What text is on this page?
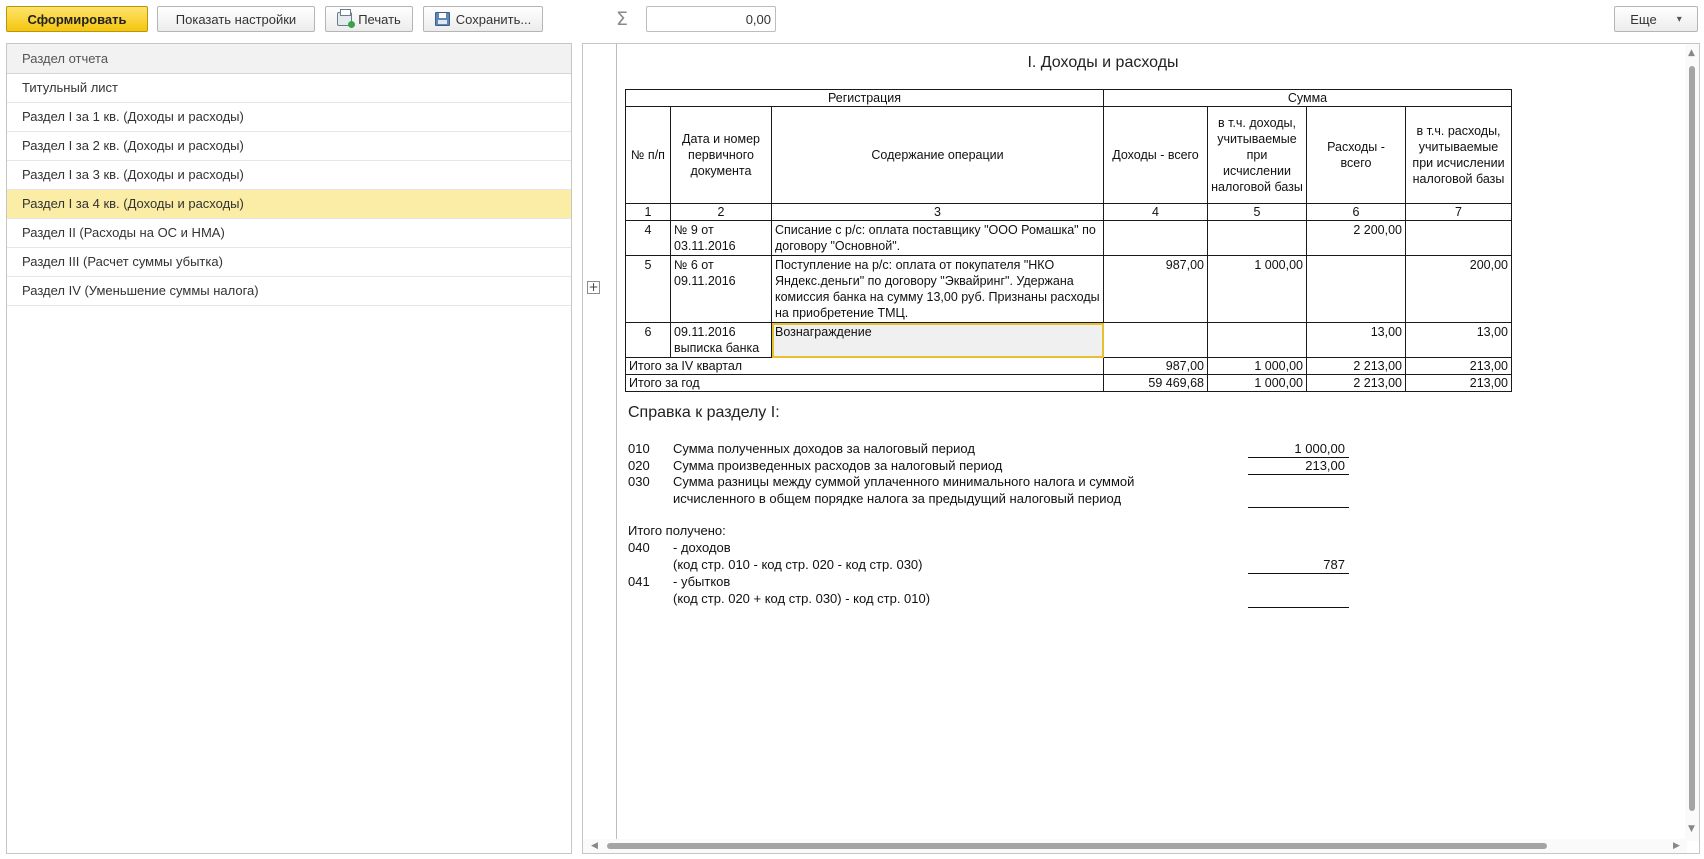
Сформировать	Показать настройки	Печать	Сохранить...	Σ
0,00	Еще ▾
Раздел отчета
Титульный лист
Раздел I за 1 кв. (Доходы и расходы)
Раздел I за 2 кв. (Доходы и расходы)
Раздел I за 3 кв. (Доходы и расходы)
Раздел I за 4 кв. (Доходы и расходы)
Раздел II (Расходы на ОС и НМА)
Раздел III (Расчет суммы убытка)
Раздел IV (Уменьшение суммы налога)	+
I. Доходы и расходы
Регистрация			Сумма			
№ п/п	Дата и номер первичного документа	Содержание операции	Доходы - всего	в т.ч. доходы, учитываемые при исчислении налоговой базы	Расходы - всего	в т.ч. расходы, учитываемые при исчислении налоговой базы
1	2	3	4	5	6	7
4	№ 9 от 03.11.2016	Списание с р/с: оплата поставщику "ООО Ромашка" по договору "Основной".			2 200,00	
5	№ 6 от 09.11.2016	Поступление на р/с: оплата от покупателя "НКО Яндекс.деньги" по договору "Эквайринг". Удержана комиссия банка на сумму 13,00 руб. Признаны расходы на приобретение ТМЦ.	987,00	1 000,00		200,00
6	09.11.2016 выписка банка	Вознаграждение			13,00	13,00
Итого за IV квартал			987,00	1 000,00	2 213,00	213,00
Итого за год			59 469,68	1 000,00	2 213,00	213,00
Справка к разделу I:
010	Сумма полученных доходов за налоговый период	1 000,00
020	Сумма произведенных расходов за налоговый период	213,00
030	Сумма разницы между суммой уплаченного минимального налога и суммой
исчисленного в общем порядке налога за предыдущий налоговый период
Итого получено:
040	- доходов
(код стр. 010 - код стр. 020 - код стр. 030)	787
041	- убытков
(код стр. 020 + код стр. 030) - код стр. 010)
▲
▼
◀	▶
